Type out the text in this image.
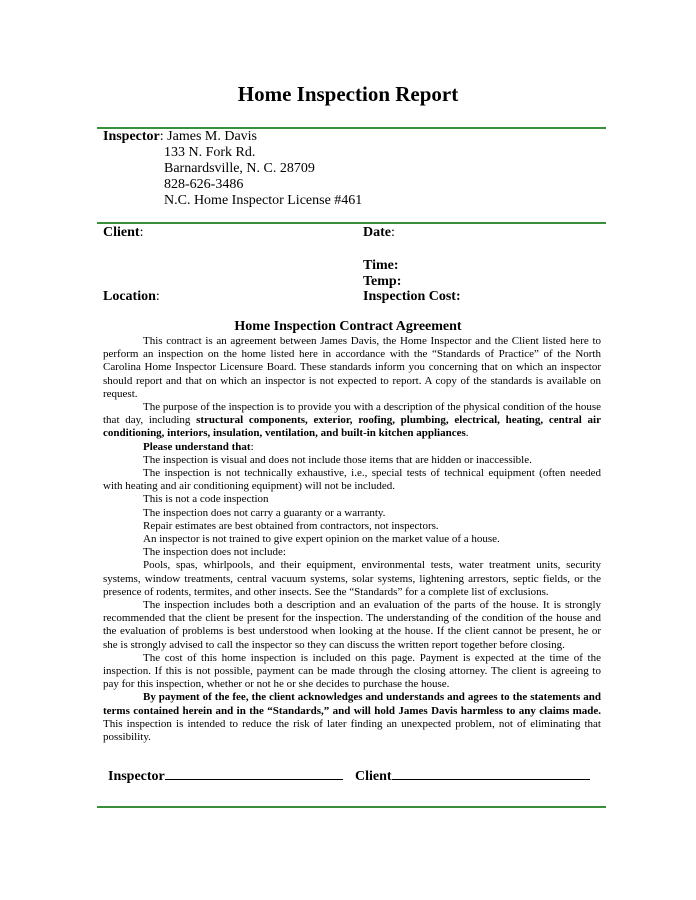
Home Inspection Report
Inspector: James M. Davis
133 N. Fork Rd.
Barnardsville, N. C. 28709
828-626-3486
N.C. Home Inspector License #461
Client:	Date:
Time:
Temp:
Location:	Inspection Cost:
Home Inspection Contract Agreement

This contract is an agreement between James Davis, the Home Inspector and the Client listed here to perform an inspection on the home listed here in accordance with the “Standards of Practice” of the North Carolina Home Inspector Licensure Board. These standards inform you concerning that on which an inspector should report and that on which an inspector is not expected to report. A copy of the standards is available on request.

The purpose of the inspection is to provide you with a description of the physical condition of the house that day, including structural components, exterior, roofing, plumbing, electrical, heating, central air conditioning, interiors, insulation, ventilation, and built-in kitchen appliances.

Please understand that:

The inspection is visual and does not include those items that are hidden or inaccessible.

The inspection is not technically exhaustive, i.e., special tests of technical equipment (often needed with heating and air conditioning equipment) will not be included.

This is not a code inspection

The inspection does not carry a guaranty or a warranty.

Repair estimates are best obtained from contractors, not inspectors.

An inspector is not trained to give expert opinion on the market value of a house.

The inspection does not include:

Pools, spas, whirlpools, and their equipment, environmental tests, water treatment units, security systems, window treatments, central vacuum systems, solar systems, lightening arrestors, septic fields, or the presence of rodents, termites, and other insects. See the “Standards” for a complete list of exclusions.

The inspection includes both a description and an evaluation of the parts of the house. It is strongly recommended that the client be present for the inspection. The understanding of the condition of the house and the evaluation of problems is best understood when looking at the house. If the client cannot be present, he or she is strongly advised to call the inspector so they can discuss the written report together before closing.

The cost of this home inspection is included on this page. Payment is expected at the time of the inspection. If this is not possible, payment can be made through the closing attorney. The client is agreeing to pay for this inspection, whether or not he or she decides to purchase the house.

By payment of the fee, the client acknowledges and understands and agrees to the statements and terms contained herein and in the “Standards,” and will hold James Davis harmless to any claims made. This inspection is intended to reduce the risk of later finding an unexpected problem, not of eliminating that possibility.

Inspector	Client
